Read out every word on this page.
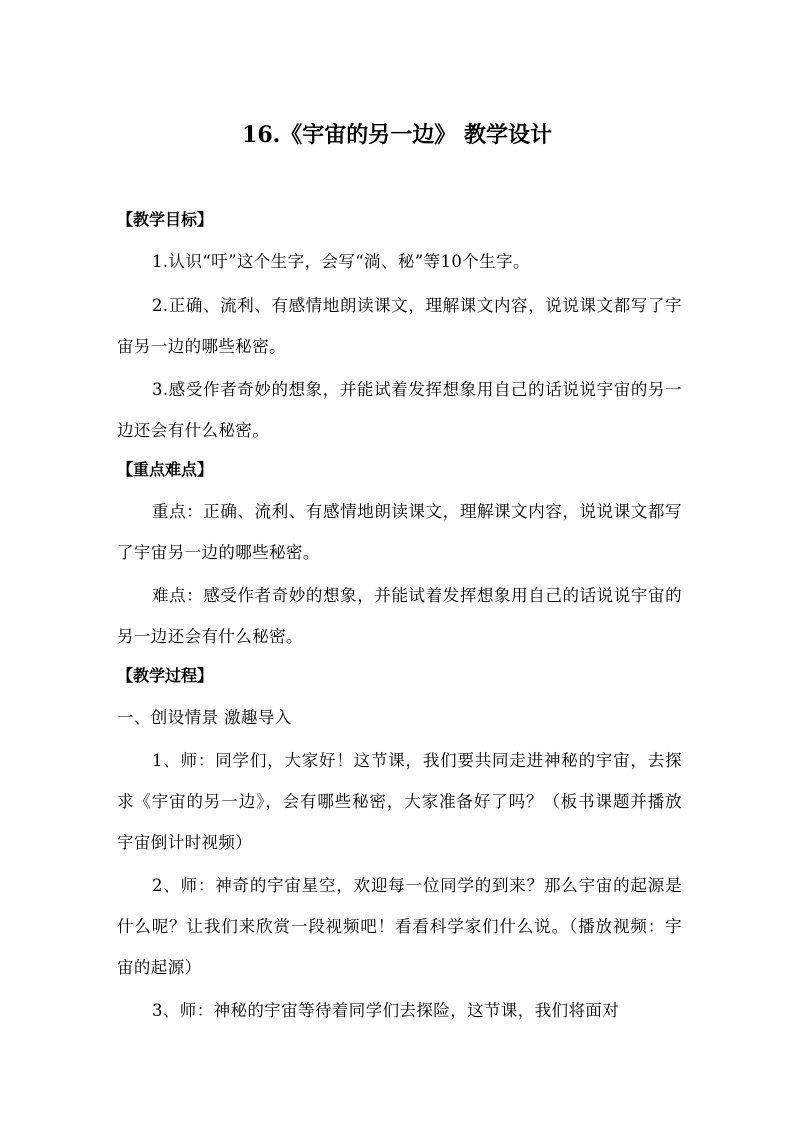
16.《宇宙的另一边》 教学设计
【教学目标】
1.认识“吁”这个生字，会写“淌、秘”等10个生字。
2.正确、流利、有感情地朗读课文，理解课文内容，说说课文都写了宇宙另一边的哪些秘密。
3.感受作者奇妙的想象，并能试着发挥想象用自己的话说说宇宙的另一边还会有什么秘密。
【重点难点】
重点：正确、流利、有感情地朗读课文，理解课文内容，说说课文都写了宇宙另一边的哪些秘密。
难点：感受作者奇妙的想象，并能试着发挥想象用自己的话说说宇宙的另一边还会有什么秘密。
【教学过程】
一、创设情景 激趣导入
1、师：同学们，大家好！这节课，我们要共同走进神秘的宇宙，去探求《宇宙的另一边》，会有哪些秘密，大家准备好了吗？（板书课题并播放宇宙倒计时视频）
2、师：神奇的宇宙星空，欢迎每一位同学的到来？那么宇宙的起源是什么呢？让我们来欣赏一段视频吧！看看科学家们什么说。（播放视频：宇宙的起源）
3、师：神秘的宇宙等待着同学们去探险，这节课，我们将面对
